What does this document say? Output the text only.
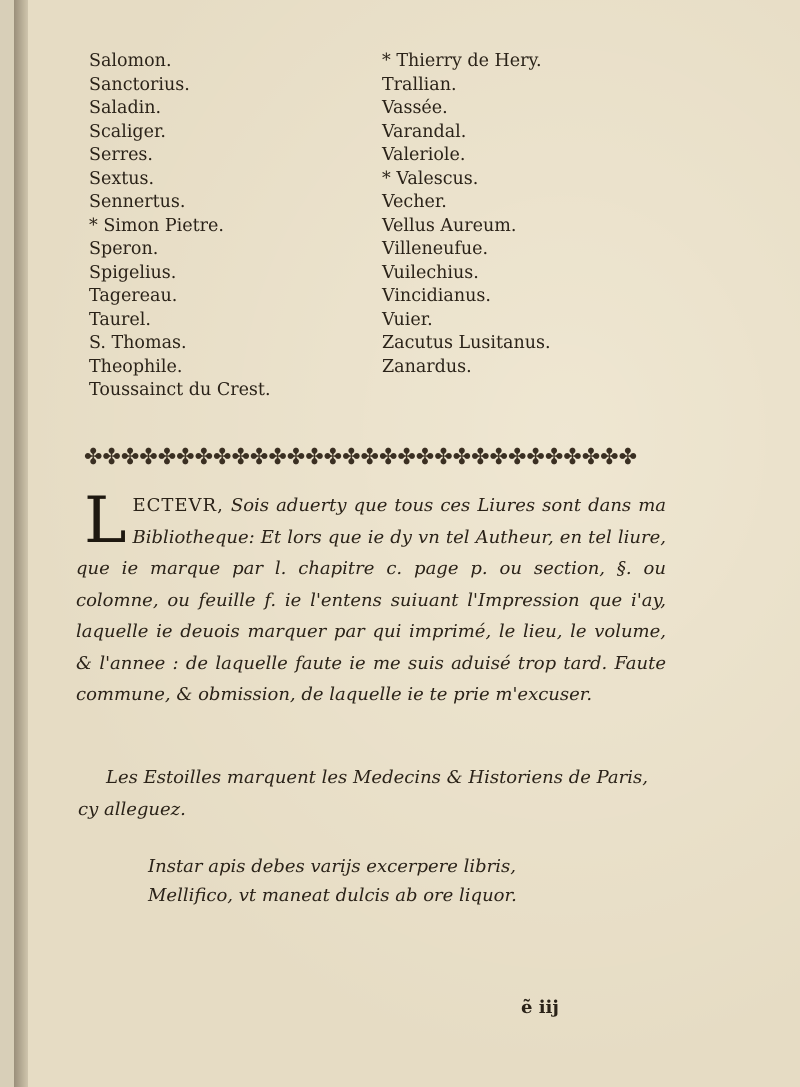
Salomon.
Sanctorius.
Saladin.
Scaliger.
Serres.
Sextus.
Sennertus.
* Simon Pietre.
Speron.
Spigelius.
Tagereau.
Taurel.
S. Thomas.
Theophile.
Toussainct du Crest.
* Thierry de Hery.
Trallian.
Vassée.
Varandal.
Valeriole.
* Valescus.
Vecher.
Vellus Aureum.
Villeneufue.
Vuilechius.
Vincidianus.
Vuier.
Zacutus Lusitanus.
Zanardus.
✤✤✤✤✤✤✤✤✤✤✤✤✤✤✤✤✤✤✤✤✤✤✤✤✤✤✤✤✤✤
LECTEVR, Sois aduerty que tous ces Liures sont dans ma Bibliotheque: Et lors que ie dy vn tel Autheur, en tel liure, que ie marque par l. chapitre c. page p. ou section, §. ou colomne, ou feuille f. ie l'entens suiuant l'Impression que i'ay, laquelle ie deuois marquer par qui imprimé, le lieu, le volume, & l'annee : de laquelle faute ie me suis aduisé trop tard. Faute commune, & obmission, de laquelle ie te prie m'excuser.
Les Estoilles marquent les Medecins & Historiens de Paris, cy alleguez.
Instar apis debes varijs excerpere libris,
Mellifico, vt maneat dulcis ab ore liquor.
ẽ iij
